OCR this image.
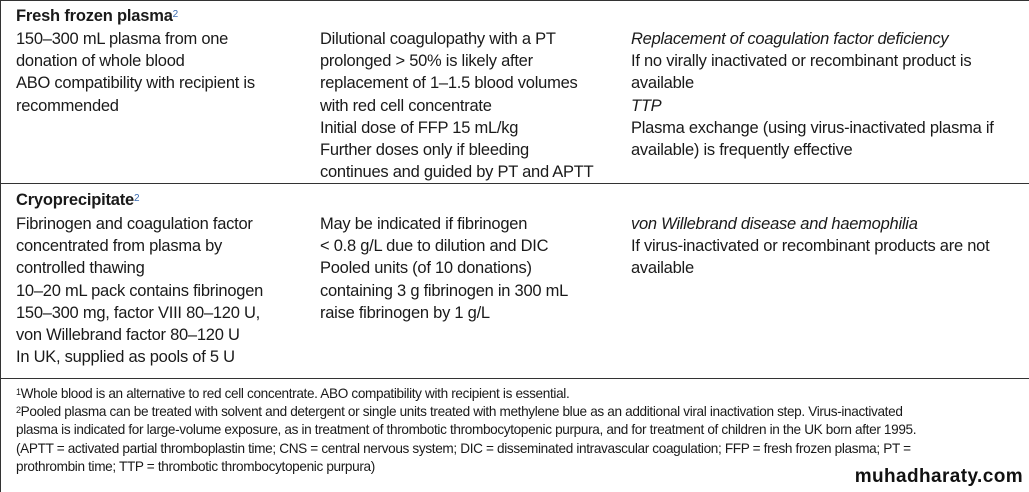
Fresh frozen plasma$^2$
150–300 mL plasma from one
donation of whole blood
ABO compatibility with recipient is
recommended
Dilutional coagulopathy with a PT
prolonged > 50% is likely after
replacement of 1–1.5 blood volumes
with red cell concentrate
Initial dose of FFP 15 mL/kg
Further doses only if bleeding
continues and guided by PT and APTT
Replacement of coagulation factor deficiency
If no virally inactivated or recombinant product is
available
TTP
Plasma exchange (using virus-inactivated plasma if
available) is frequently effective
Cryoprecipitate$^2$
Fibrinogen and coagulation factor
concentrated from plasma by
controlled thawing
10–20 mL pack contains fibrinogen
150–300 mg, factor VIII 80–120 U,
von Willebrand factor 80–120 U
In UK, supplied as pools of 5 U
May be indicated if fibrinogen
< 0.8 g/L due to dilution and DIC
Pooled units (of 10 donations)
containing 3 g fibrinogen in 300 mL
raise fibrinogen by 1 g/L
von Willebrand disease and haemophilia
If virus-inactivated or recombinant products are not
available
$^1$Whole blood is an alternative to red cell concentrate. ABO compatibility with recipient is essential.
$^2$Pooled plasma can be treated with solvent and detergent or single units treated with methylene blue as an additional viral inactivation step. Virus-inactivated
plasma is indicated for large-volume exposure, as in treatment of thrombotic thrombocytopenic purpura, and for treatment of children in the UK born after 1995.
(APTT = activated partial thromboplastin time; CNS = central nervous system; DIC = disseminated intravascular coagulation; FFP = fresh frozen plasma; PT =
prothrombin time; TTP = thrombotic thrombocytopenic purpura)	muhadharaty.com
